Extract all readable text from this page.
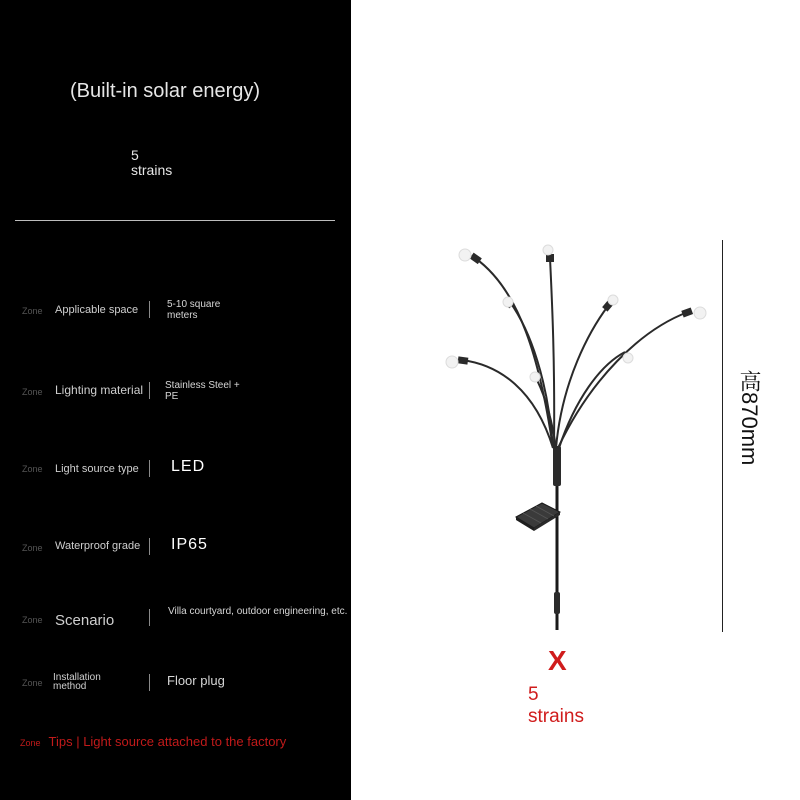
(Built-in solar energy)
5
strains
Zone Applicable space	5-10 square meters
Zone Lighting material Stainless Steel + PE
Zone Light source type LED
Zone Waterproof grade IP65
Zone Scenario
Villa courtyard, outdoor engineering, etc.
Zone Installation method	Floor plug
Zone Tips | Light source attached to the factory
高870mm
X
5
strains
